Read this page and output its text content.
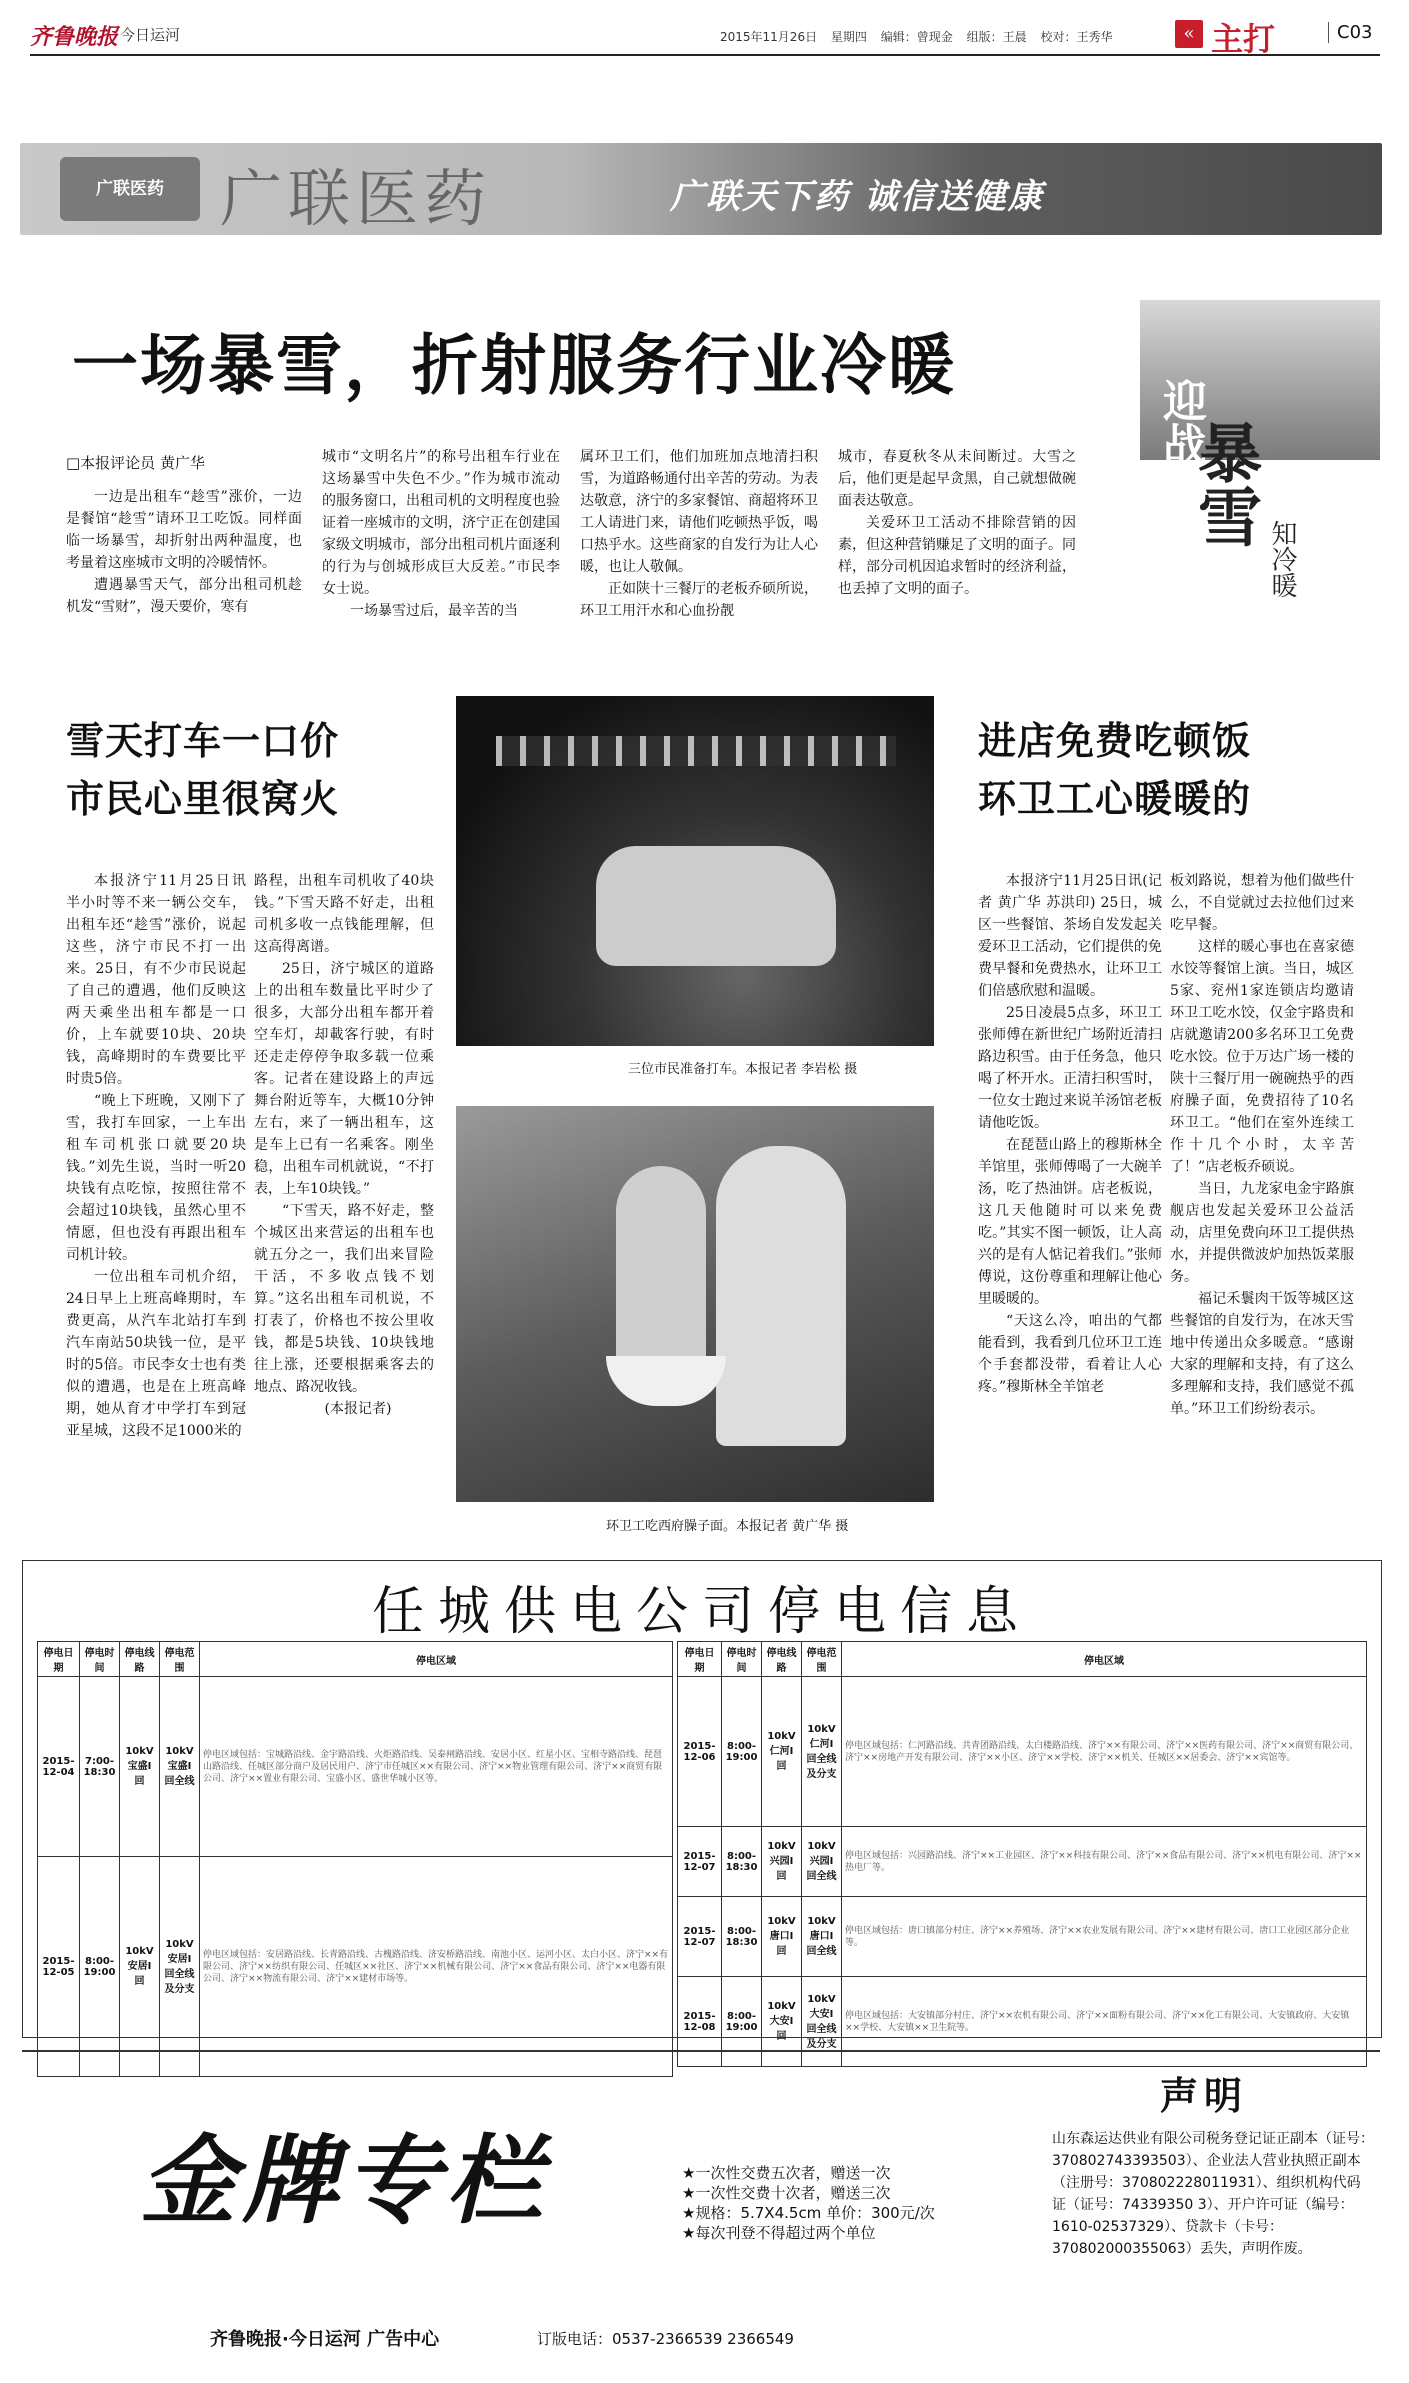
齐鲁晚报 今日运河	2015年11月26日 星期四 编辑：曾现金 组版：王晨 校对：王秀华	« 主打	C03
广联医药 广联医药	广联天下药 诚信送健康
一场暴雪，折射服务行业冷暖
迎战
暴雪
知冷暖
□本报评论员 黄广华

一边是出租车“趁雪”涨价，一边是餐馆“趁雪”请环卫工吃饭。同样面临一场暴雪，却折射出两种温度，也考量着这座城市文明的冷暖情怀。

遭遇暴雪天气，部分出租司机趁机发“雪财”，漫天要价，寒有

城市“文明名片”的称号出租车行业在这场暴雪中失色不少。”作为城市流动的服务窗口，出租司机的文明程度也验证着一座城市的文明，济宁正在创建国家级文明城市，部分出租司机片面逐利的行为与创城形成巨大反差。”市民李女士说。

一场暴雪过后，最辛苦的当

属环卫工们，他们加班加点地清扫积雪，为道路畅通付出辛苦的劳动。为表达敬意，济宁的多家餐馆、商超将环卫工人请进门来，请他们吃顿热乎饭，喝口热乎水。这些商家的自发行为让人心暖，也让人敬佩。

正如陕十三餐厅的老板乔硕所说，环卫工用汗水和心血扮靓

城市，春夏秋冬从未间断过。大雪之后，他们更是起早贪黑，自己就想做碗面表达敬意。

关爱环卫工活动不排除营销的因素，但这种营销赚足了文明的面子。同样，部分司机因追求暂时的经济利益，也丢掉了文明的面子。

雪天打车一口价
市民心里很窝火

本报济宁11月25日讯 半小时等不来一辆公交车，出租车还“趁雪”涨价，说起这些，济宁市民不打一出来。25日，有不少市民说起了自己的遭遇，他们反映这两天乘坐出租车都是一口价，上车就要10块、20块钱，高峰期时的车费要比平时贵5倍。

“晚上下班晚，又刚下了雪，我打车回家，一上车出租车司机张口就要20块钱。”刘先生说，当时一听20块钱有点吃惊，按照往常不会超过10块钱，虽然心里不情愿，但也没有再跟出租车司机计较。

一位出租车司机介绍，24日早上上班高峰期时，车费更高，从汽车北站打车到汽车南站50块钱一位，是平时的5倍。市民李女士也有类似的遭遇，也是在上班高峰期，她从育才中学打车到冠亚星城，这段不足1000米的

路程，出租车司机收了40块钱。”下雪天路不好走，出租司机多收一点钱能理解，但这高得离谱。

25日，济宁城区的道路上的出租车数量比平时少了很多，大部分出租车都开着空车灯，却載客行驶，有时还走走停停争取多载一位乘客。记者在建设路上的声远舞台附近等车，大概10分钟左右，来了一辆出租车，这是车上已有一名乘客。刚坐稳，出租车司机就说，“不打表，上车10块钱。”

“下雪天，路不好走，整个城区出来营运的出租车也就五分之一，我们出来冒险干活，不多收点钱不划算。”这名出租车司机说，不打表了，价格也不按公里收钱，都是5块钱、10块钱地往上涨，还要根据乘客去的地点、路况收钱。

(本报记者)

三位市民准备打车。本报记者 李岩松 摄
环卫工吃西府臊子面。本报记者 黄广华 摄
进店免费吃顿饭
环卫工心暖暖的

本报济宁11月25日讯(记者 黄广华 苏洪印) 25日，城区一些餐馆、茶场自发发起关爱环卫工活动，它们提供的免费早餐和免费热水，让环卫工们倍感欣慰和温暖。

25日凌晨5点多，环卫工张师傅在新世纪广场附近清扫路边积雪。由于任务急，他只喝了杯开水。正清扫积雪时，一位女士跑过来说羊汤馆老板请他吃饭。

在琵琶山路上的穆斯林全羊馆里，张师傅喝了一大碗羊汤，吃了热油饼。店老板说，这几天他随时可以来免费吃。”其实不图一顿饭，让人高兴的是有人惦记着我们。”张师傅说，这份尊重和理解让他心里暖暖的。

“天这么冷，咱出的气都能看到，我看到几位环卫工连个手套都没带，看着让人心疼。”穆斯林全羊馆老

板刘路说，想着为他们做些什么，不自觉就过去拉他们过来吃早餐。

这样的暖心事也在喜家德水饺等餐馆上演。当日，城区5家、兖州1家连锁店均邀请环卫工吃水饺，仅金宇路贵和店就邀请200多名环卫工免费吃水饺。位于万达广场一楼的陕十三餐厅用一碗碗热乎的西府臊子面，免费招待了10名环卫工。“他们在室外连续工作十几个小时，太辛苦了！”店老板乔硕说。

当日，九龙家电金宇路旗舰店也发起关爱环卫公益活动，店里免费向环卫工提供热水，并提供微波炉加热饭菜服务。

福记禾鬟肉干饭等城区这些餐馆的自发行为，在冰天雪地中传递出众多暖意。“感谢大家的理解和支持，有了这么多理解和支持，我们感觉不孤单。”环卫工们纷纷表示。

任城供电公司停电信息
停电日期	停电时间	停电线路	停电范围	停电区域
2015-12-04	7:00-18:30	10kV宝盛Ⅰ回	10kV宝盛Ⅰ回全线	停电区域包括：宝城路沿线、金宇路沿线、火炬路沿线、吴泰闸路沿线、安居小区、红星小区、宝相寺路沿线、琵琶山路沿线、任城区部分商户及居民用户、济宁市任城区××有限公司、济宁××物业管理有限公司、济宁××商贸有限公司、济宁××置业有限公司、宝盛小区、盛世华城小区等。
2015-12-05	8:00-19:00	10kV安居Ⅰ回	10kV安居Ⅰ回全线及分支	停电区域包括：安居路沿线、长青路沿线、古槐路沿线、济安桥路沿线、南池小区、运河小区、太白小区、济宁××有限公司、济宁××纺织有限公司、任城区××社区、济宁××机械有限公司、济宁××食品有限公司、济宁××电器有限公司、济宁××物流有限公司、济宁××建材市场等。
停电日期	停电时间	停电线路	停电范围	停电区域
2015-12-06	8:00-19:00	10kV仁河Ⅰ回	10kV仁河Ⅰ回全线及分支	停电区域包括：仁河路沿线、共青团路沿线、太白楼路沿线、济宁××有限公司、济宁××医药有限公司、济宁××商贸有限公司、济宁××房地产开发有限公司、济宁××小区、济宁××学校、济宁××机关、任城区××居委会、济宁××宾馆等。
2015-12-07	8:00-18:30	10kV兴园Ⅰ回	10kV兴园Ⅰ回全线	停电区域包括：兴园路沿线、济宁××工业园区、济宁××科技有限公司、济宁××食品有限公司、济宁××机电有限公司、济宁××热电厂等。
2015-12-07	8:00-18:30	10kV唐口Ⅰ回	10kV唐口Ⅰ回全线	停电区域包括：唐口镇部分村庄、济宁××养殖场、济宁××农业发展有限公司、济宁××建材有限公司、唐口工业园区部分企业等。
2015-12-08	8:00-19:00	10kV大安Ⅰ回	10kV大安Ⅰ回全线及分支	停电区域包括：大安镇部分村庄、济宁××农机有限公司、济宁××面粉有限公司、济宁××化工有限公司、大安镇政府、大安镇××学校、大安镇××卫生院等。
金牌专栏	★ 一次性交费五次者，赠送一次
★ 一次性交费十次者，赠送三次
★ 规格：5.7X4.5cm 单价：300元/次
★ 每次刊登不得超过两个单位
齐鲁晚报·今日运河 广告中心	订版电话：0537-2366539 2366549
声明
山东森运达供业有限公司税务登记证正副本（证号：370802743393503）、企业法人营业执照正副本（注册号：370802228011931）、组织机构代码证（证号：74339350 3）、开户许可证（编号：1610-02537329）、贷款卡（卡号：370802000355063）丢失，声明作废。
